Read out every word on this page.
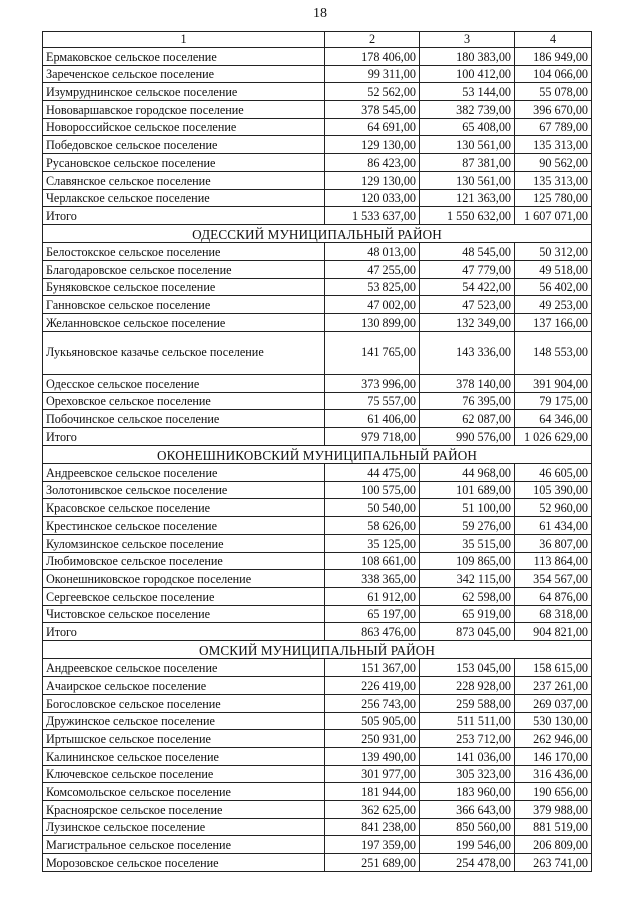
18
1	2	3	4
Ермаковское сельское поселение	178 406,00	180 383,00	186 949,00
Зареченское сельское поселение	99 311,00	100 412,00	104 066,00
Изумруднинское сельское поселение	52 562,00	53 144,00	55 078,00
Нововаршавское городское поселение	378 545,00	382 739,00	396 670,00
Новороссийское сельское поселение	64 691,00	65 408,00	67 789,00
Победовское сельское поселение	129 130,00	130 561,00	135 313,00
Русановское сельское поселение	86 423,00	87 381,00	90 562,00
Славянское сельское поселение	129 130,00	130 561,00	135 313,00
Черлакское сельское поселение	120 033,00	121 363,00	125 780,00
Итого	1 533 637,00	1 550 632,00	1 607 071,00
ОДЕССКИЙ МУНИЦИПАЛЬНЫЙ РАЙОН			
Белостокское сельское поселение	48 013,00	48 545,00	50 312,00
Благодаровское сельское поселение	47 255,00	47 779,00	49 518,00
Буняковское сельское поселение	53 825,00	54 422,00	56 402,00
Ганновское сельское поселение	47 002,00	47 523,00	49 253,00
Желанновское сельское поселение	130 899,00	132 349,00	137 166,00
Лукьяновское казачье сельское поселение	141 765,00	143 336,00	148 553,00
Одесское сельское поселение	373 996,00	378 140,00	391 904,00
Ореховское сельское поселение	75 557,00	76 395,00	79 175,00
Побочинское сельское поселение	61 406,00	62 087,00	64 346,00
Итого	979 718,00	990 576,00	1 026 629,00
ОКОНЕШНИКОВСКИЙ МУНИЦИПАЛЬНЫЙ РАЙОН			
Андреевское сельское поселение	44 475,00	44 968,00	46 605,00
Золотонивское сельское поселение	100 575,00	101 689,00	105 390,00
Красовское сельское поселение	50 540,00	51 100,00	52 960,00
Крестинское сельское поселение	58 626,00	59 276,00	61 434,00
Куломзинское сельское поселение	35 125,00	35 515,00	36 807,00
Любимовское сельское поселение	108 661,00	109 865,00	113 864,00
Оконешниковское городское поселение	338 365,00	342 115,00	354 567,00
Сергеевское сельское поселение	61 912,00	62 598,00	64 876,00
Чистовское сельское поселение	65 197,00	65 919,00	68 318,00
Итого	863 476,00	873 045,00	904 821,00
ОМСКИЙ МУНИЦИПАЛЬНЫЙ РАЙОН			
Андреевское сельское поселение	151 367,00	153 045,00	158 615,00
Ачаирское сельское поселение	226 419,00	228 928,00	237 261,00
Богословское сельское поселение	256 743,00	259 588,00	269 037,00
Дружинское сельское поселение	505 905,00	511 511,00	530 130,00
Иртышское сельское поселение	250 931,00	253 712,00	262 946,00
Калининское сельское поселение	139 490,00	141 036,00	146 170,00
Ключевское сельское поселение	301 977,00	305 323,00	316 436,00
Комсомольское сельское поселение	181 944,00	183 960,00	190 656,00
Красноярское сельское поселение	362 625,00	366 643,00	379 988,00
Лузинское сельское поселение	841 238,00	850 560,00	881 519,00
Магистральное сельское поселение	197 359,00	199 546,00	206 809,00
Морозовское сельское поселение	251 689,00	254 478,00	263 741,00
